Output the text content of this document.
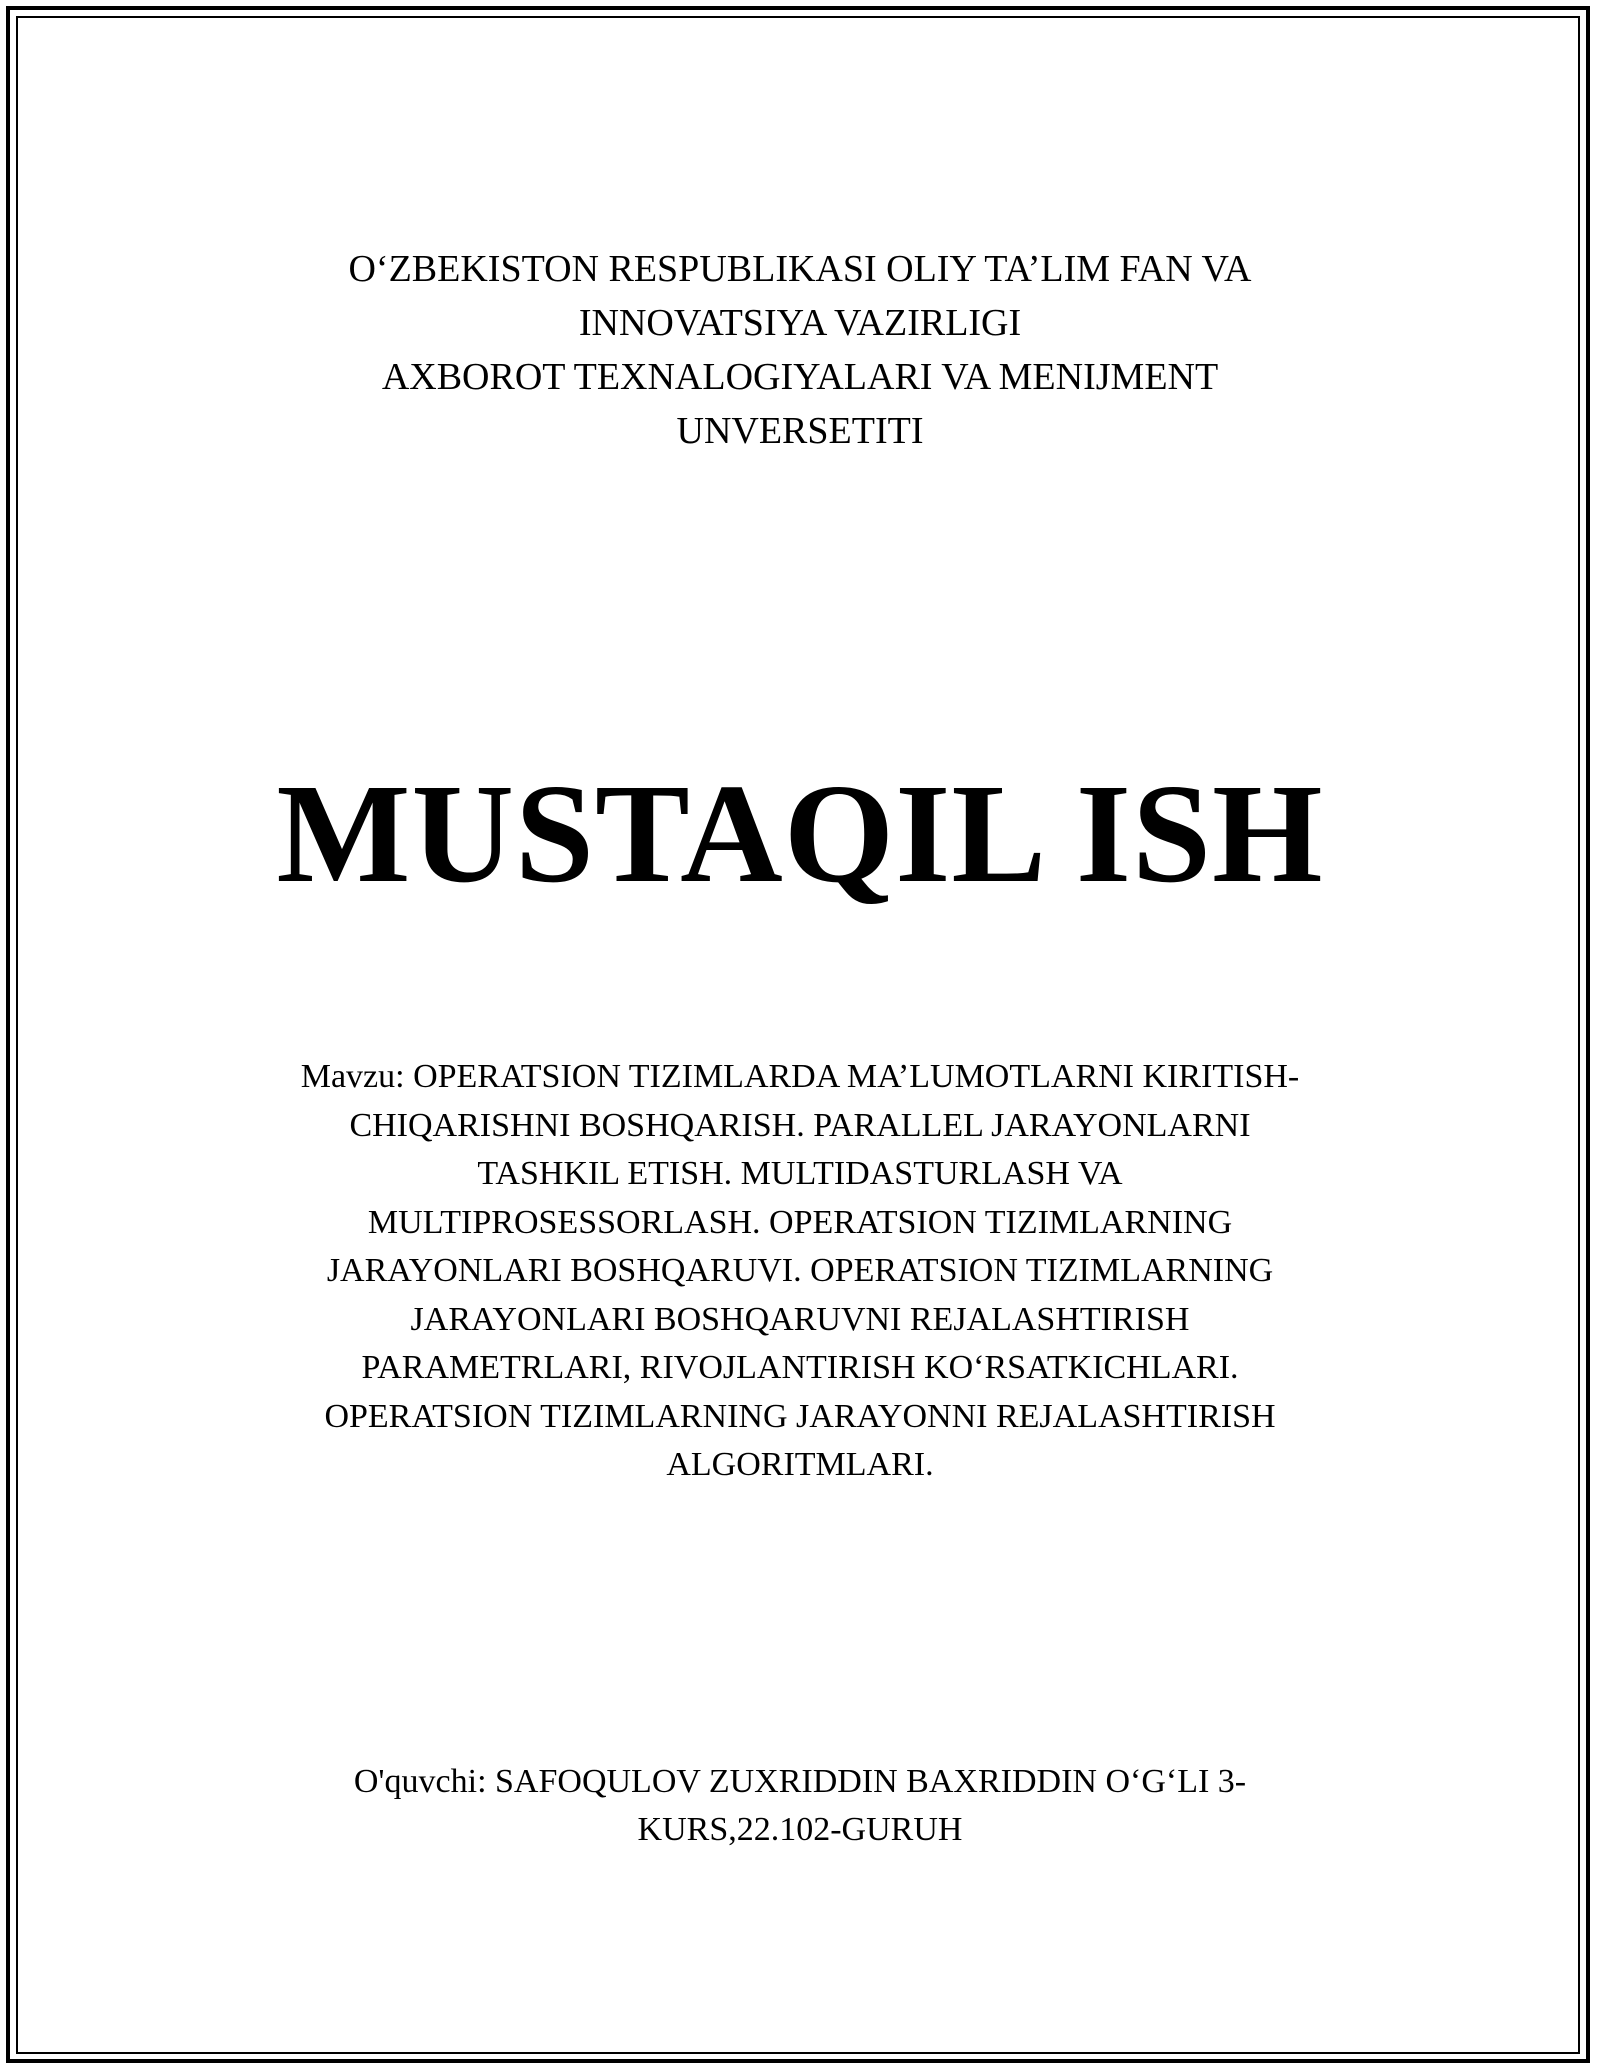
O‘ZBEKISTON RESPUBLIKASI OLIY TA’LIM FAN VA
INNOVATSIYA VAZIRLIGI
AXBOROT TEXNALOGIYALARI VA MENIJMENT
UNVERSETITI
MUSTAQIL ISH
Mavzu: OPERATSION TIZIMLARDA MA’LUMOTLARNI KIRITISH-
CHIQARISHNI BOSHQARISH. PARALLEL JARAYONLARNI
TASHKIL ETISH. MULTIDASTURLASH VA
MULTIPROSESSORLASH. OPERATSION TIZIMLARNING
JARAYONLARI BOSHQARUVI. OPERATSION TIZIMLARNING
JARAYONLARI BOSHQARUVNI REJALASHTIRISH
PARAMETRLARI, RIVOJLANTIRISH KO‘RSATKICHLARI.
OPERATSION TIZIMLARNING JARAYONNI REJALASHTIRISH
ALGORITMLARI.
O'quvchi: SAFOQULOV ZUXRIDDIN BAXRIDDIN O‘G‘LI 3-
KURS,22.102-GURUH
